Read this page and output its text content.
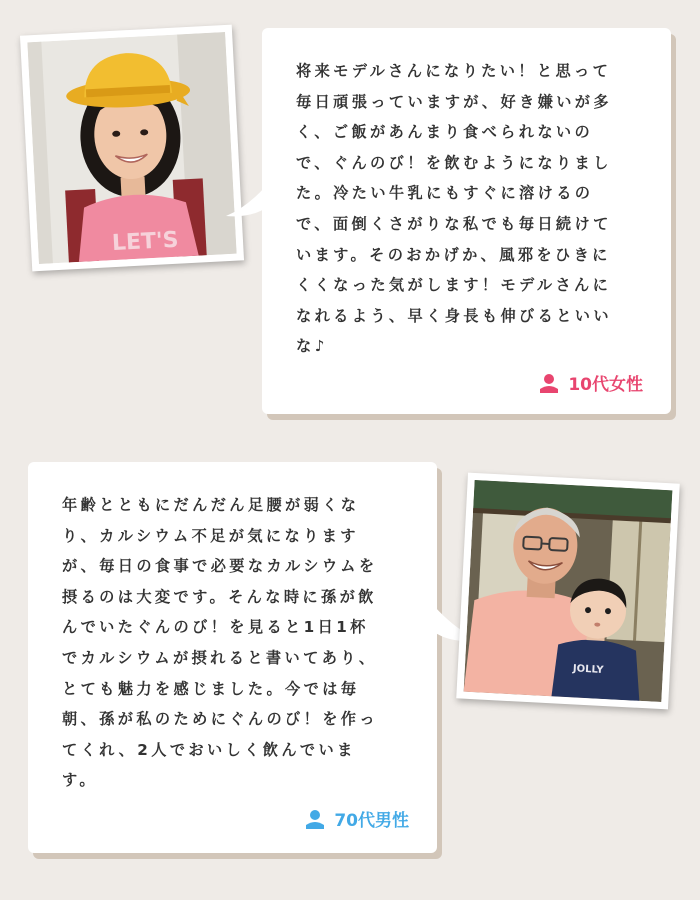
LET'S

将来モデルさんになりたい！と思って
毎日頑張っていますが、好き嫌いが多
く、ご飯があんまり食べられないの
で、ぐんのび！を飲むようになりまし
た。冷たい牛乳にもすぐに溶けるの
で、面倒くさがりな私でも毎日続けて
います。そのおかげか、風邪をひきに
くくなった気がします！モデルさんに
なれるよう、早く身長も伸びるといい
な♪

10代女性

年齢とともにだんだん足腰が弱くな
り、カルシウム不足が気になります
が、毎日の食事で必要なカルシウムを
摂るのは大変です。そんな時に孫が飲
んでいたぐんのび！を見ると1日1杯
でカルシウムが摂れると書いてあり、
とても魅力を感じました。今では毎
朝、孫が私のためにぐんのび！を作っ
てくれ、2人でおいしく飲んでいま
す。

70代男性
JOLLY
